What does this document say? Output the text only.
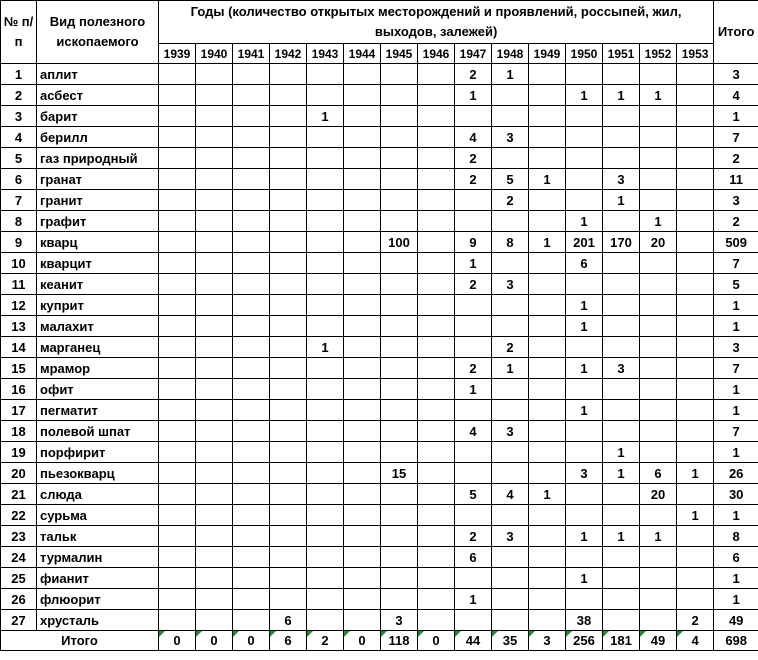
№ п/п	Вид полезного ископаемого	Годы (количество открытых месторождений и проявлений, россыпей, жил, выходов, залежей)															Итого
		1939	1940	1941	1942	1943	1944	1945	1946	1947	1948	1949	1950	1951	1952	1953	
1	аплит									2	1						3
2	асбест									1			1	1	1		4
3	барит					1											1
4	берилл									4	3						7
5	газ природный									2							2
6	гранат									2	5	1		3			11
7	гранит										2			1			3
8	графит												1		1		2
9	кварц							100		9	8	1	201	170	20		509
10	кварцит									1			6				7
11	кеанит									2	3						5
12	куприт												1				1
13	малахит												1				1
14	марганец					1					2						3
15	мрамор									2	1		1	3			7
16	офит									1							1
17	пегматит												1				1
18	полевой шпат									4	3						7
19	порфирит													1			1
20	пьезокварц							15					3	1	6	1	26
21	слюда									5	4	1			20		30
22	сурьма															1	1
23	тальк									2	3		1	1	1		8
24	турмалин									6							6
25	фианит												1				1
26	флюорит									1							1
27	хрусталь				6			3					38			2	49
Итого		0	0	0	6	2	0	118	0	44	35	3	256	181	49	4	698
